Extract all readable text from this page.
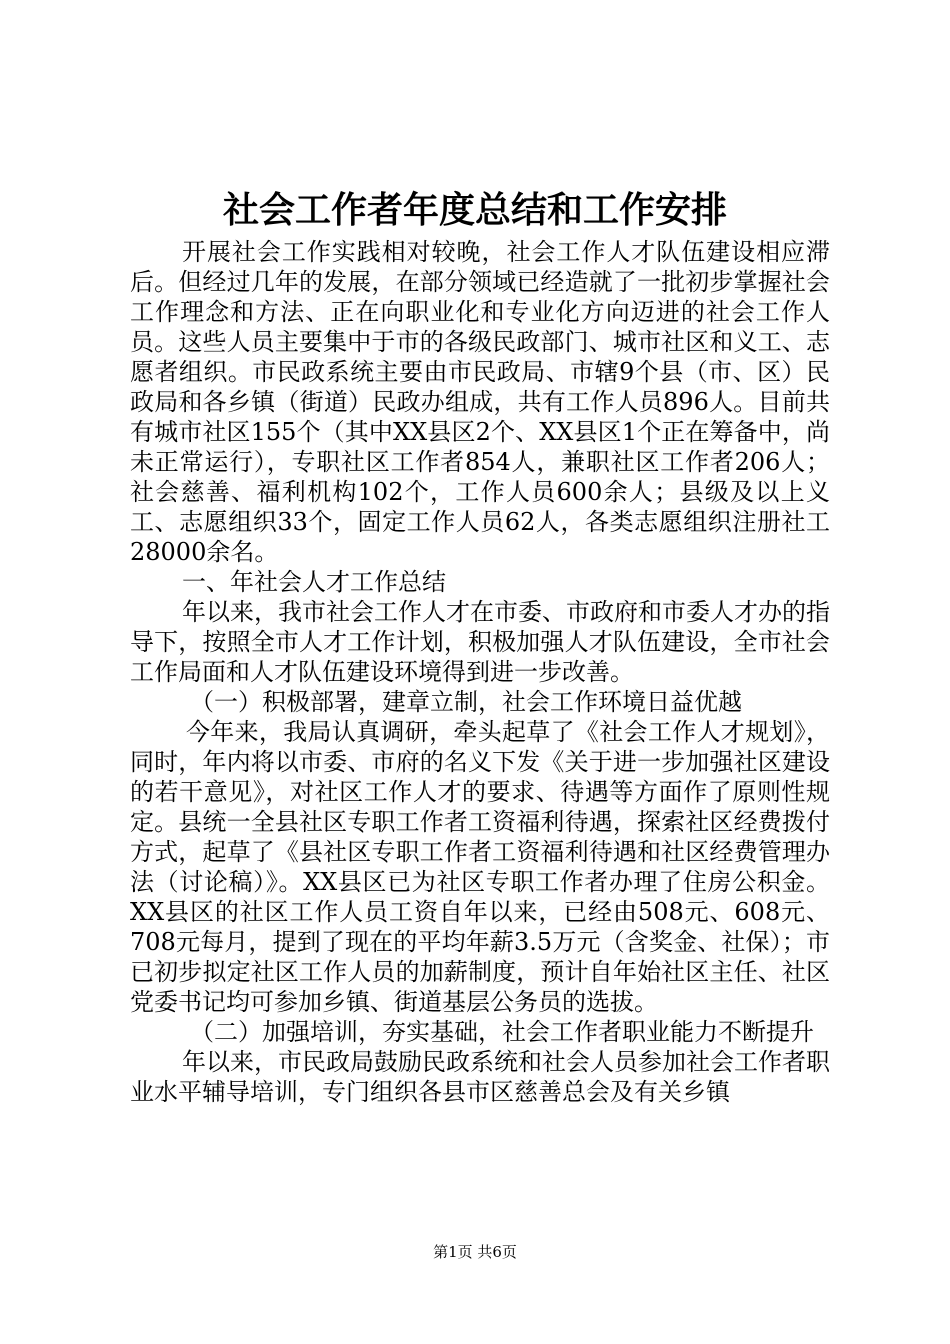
社会工作者年度总结和工作安排

开展社会工作实践相对较晚，社会工作人才队伍建设相应滞后。但经过几年的发展，在部分领域已经造就了一批初步掌握社会工作理念和方法、正在向职业化和专业化方向迈进的社会工作人员。这些人员主要集中于市的各级民政部门、城市社区和义工、志愿者组织。市民政系统主要由市民政局、市辖9个县（市、区）民政局和各乡镇（街道）民政办组成，共有工作人员896人。目前共有城市社区155个（其中XX县区2个、XX县区1个正在筹备中，尚未正常运行），专职社区工作者854人，兼职社区工作者206人；社会慈善、福利机构102个，工作人员600余人；县级及以上义工、志愿组织33个，固定工作人员62人，各类志愿组织注册社工28000余名。

一、年社会人才工作总结

年以来，我市社会工作人才在市委、市政府和市委人才办的指导下，按照全市人才工作计划，积极加强人才队伍建设，全市社会工作局面和人才队伍建设环境得到进一步改善。

（一）积极部署，建章立制，社会工作环境日益优越

今年来，我局认真调研，牵头起草了《社会工作人才规划》，同时，年内将以市委、市府的名义下发《关于进一步加强社区建设的若干意见》，对社区工作人才的要求、待遇等方面作了原则性规定。县统一全县社区专职工作者工资福利待遇，探索社区经费拨付方式，起草了《县社区专职工作者工资福利待遇和社区经费管理办法（讨论稿）》。XX县区已为社区专职工作者办理了住房公积金。XX县区的社区工作人员工资自年以来，已经由508元、608元、708元每月，提到了现在的平均年薪3.5万元（含奖金、社保）；市已初步拟定社区工作人员的加薪制度，预计自年始社区主任、社区党委书记均可参加乡镇、街道基层公务员的选拔。

（二）加强培训，夯实基础，社会工作者职业能力不断提升

年以来，市民政局鼓励民政系统和社会人员参加社会工作者职业水平辅导培训，专门组织各县市区慈善总会及有关乡镇

第1页 共6页
